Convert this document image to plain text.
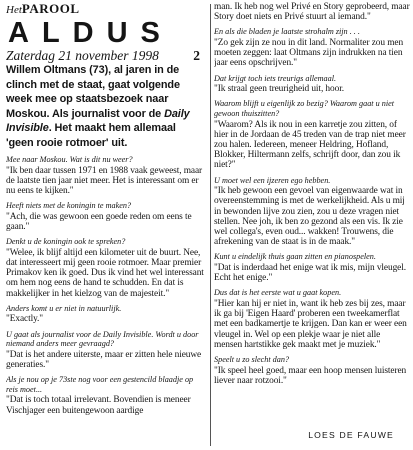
Het PAROOL
ALDUS
Zaterdag 21 november 1998	2
Willem Oltmans (73), al jaren in de clinch met de staat, gaat volgende week mee op staatsbezoek naar Moskou. Als journalist voor de Daily Invisible. Het maakt hem allemaal 'geen rooie rotmoer' uit.
Mee naar Moskou. Wat is dit nu weer?
"Ik ben daar tussen 1971 en 1988 vaak geweest, maar de laatste tien jaar niet meer. Het is interessant om er nu eens te kijken."
Heeft niets met de koningin te maken?
"Ach, die was gewoon een goede reden om eens te gaan."
Denkt u de koningin ook te spreken?
"Welee, ik blijf altijd een kilometer uit de buurt. Nee, dat interesseert mij geen rooie rotmoer. Maar premier Primakov ken ik goed. Dus ik vind het wel interessant om hem nog eens de hand te schudden. En dat is makkelijker in het kielzog van de majesteit."
Anders komt u er niet in natuurlijk.
"Exactly."
U gaat als journalist voor de Daily Invisible. Wordt u door niemand anders meer gevraagd?
"Dat is het andere uiterste, maar er zitten hele nieuwe generaties."
Als je nou op je 73ste nog voor een gestencild blaadje op reis moet...
"Dat is toch totaal irrelevant. Bovendien is meneer Vischjager een buitengewoon aardige
man. Ik heb nog wel Privé en Story geprobeerd, maar Story doet niets en Privé stuurt al iemand."
En als die bladen je laatste strohalm zijn . . .
"Zo gek zijn ze nou in dit land. Normaliter zou men moeten zeggen: laat Oltmans zijn indrukken na tien jaar eens opschrijven."
Dat krijgt toch iets treurigs allemaal.
"Ik straal geen treurigheid uit, hoor.
Waarom blijft u eigenlijk zo bezig? Waarom gaat u niet gewoon thuiszitten?
"Waarom? Als ik nou in een karretje zou zitten, of hier in de Jordaan de 45 treden van de trap niet meer zou halen. Iedereen, meneer Heldring, Hofland, Blokker, Hiltermann zelfs, schrijft door, dan zou ik niet?"
U moet wel een ijzeren ego hebben.
"Ik heb gewoon een gevoel van eigenwaarde wat in overeenstemming is met de werkelijkheid. Als u mij in bewonden lijve zou zien, zou u deze vragen niet stellen. Nee joh, ik ben zo gezond als een vis. Ik zie wel collega's, even oud... wakken! Trouwens, die afrekening van de staat is in de maak."
Kunt u eindelijk thuis gaan zitten en pianospelen.
"Dat is inderdaad het enige wat ik mis, mijn vleugel. Echt het enige."
Dus dat is het eerste wat u gaat kopen.
"Hier kan hij er niet in, want ik heb zes bij zes, maar ik ga bij 'Eigen Haard' proberen een tweekamerflat met een badkamertje te krijgen. Dan kan er weer een vleugel in. Wel op een plekje waar je niet alle mensen hartstikke gek maakt met je muziek."
Speelt u zo slecht dan?
"Ik speel heel goed, maar een hoop mensen luisteren liever naar rotzooi."
LOES DE FAUWE
